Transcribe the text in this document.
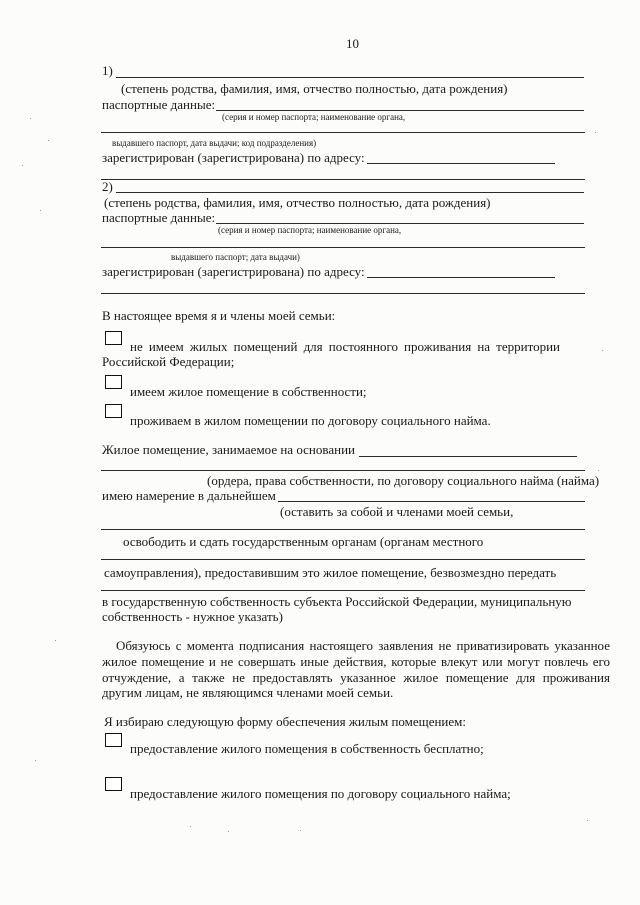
10
1)
(степень родства, фамилия, имя, отчество полностью, дата рождения)
паспортные данные:
(серия и номер паспорта; наименование органа,
выдавшего паспорт, дата выдачи; код подразделения)
зарегистрирован (зарегистрирована) по адресу:
2)
(степень родства, фамилия, имя, отчество полностью, дата рождения)
паспортные данные:
(серия и номер паспорта; наименование органа,
выдавшего паспорт; дата выдачи)
зарегистрирован (зарегистрирована) по адресу:
В настоящее время я и члены моей семьи:
не имеем жилых помещений для постоянного проживания на территории
Российской Федерации;
имеем жилое помещение в собственности;
проживаем в жилом помещении по договору социального найма.
Жилое помещение, занимаемое на основании
(ордера, права собственности, по договору социального найма (найма)
имею намерение в дальнейшем
(оставить за собой и членами моей семьи,
освободить и сдать государственным органам (органам местного
самоуправления), предоставившим это жилое помещение, безвозмездно передать
в государственную собственность субъекта Российской Федерации, муниципальную
собственность - нужное указать)
Обязуюсь с момента подписания настоящего заявления не приватизировать указанное
жилое помещение и не совершать иные действия, которые влекут или могут повлечь его
отчуждение, а также не предоставлять указанное жилое помещение для проживания
другим лицам, не являющимся членами моей семьи.
Я избираю следующую форму обеспечения жилым помещением:
предоставление жилого помещения в собственность бесплатно;
предоставление жилого помещения по договору социального найма;
